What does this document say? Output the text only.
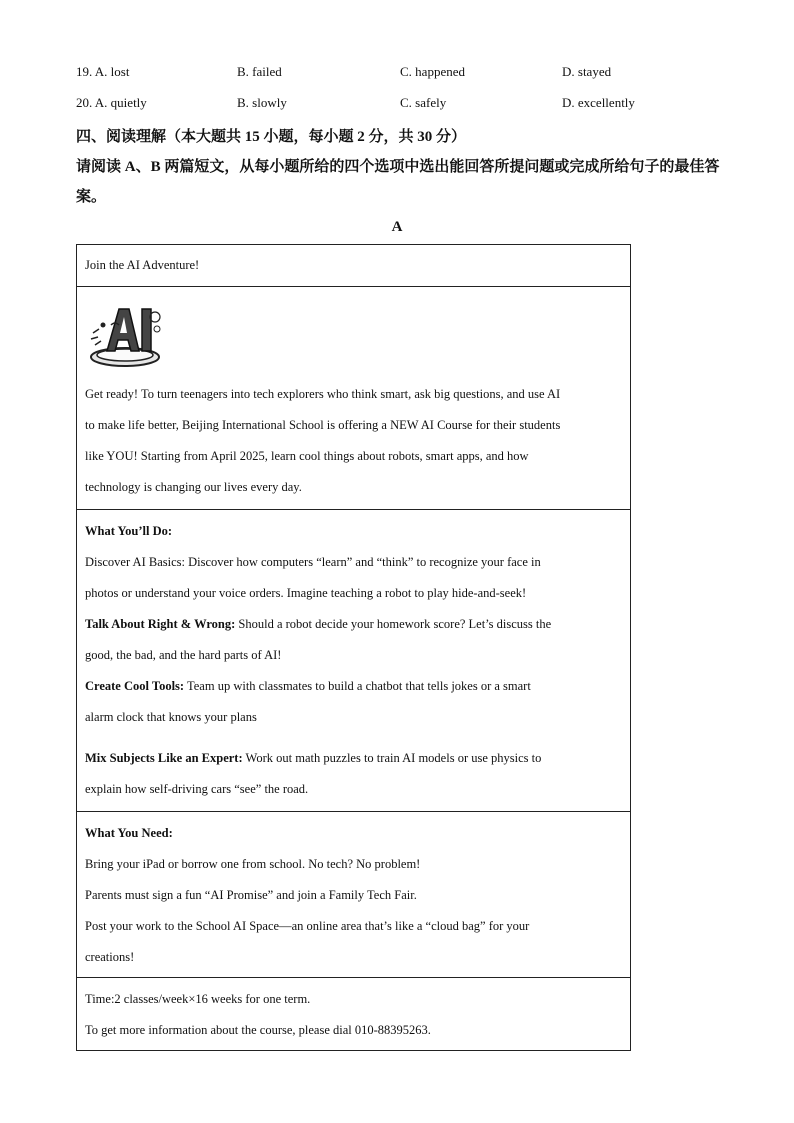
19. A. lost	B. failed	C. happened	D. stayed
20. A. quietly	B. slowly	C. safely	D. excellently
四、阅读理解（本大题共 15 小题，每小题 2 分，共 30 分）
请阅读 A、B 两篇短文，从每小题所给的四个选项中选出能回答所提问题或完成所给句子的最佳答案。
A
Join the AI Adventure!

Get ready! To turn teenagers into tech explorers who think smart, ask big questions, and use AI
to make life better, Beijing International School is offering a NEW AI Course for their students
like YOU! Starting from April 2025, learn cool things about robots, smart apps, and how
technology is changing our lives every day.

What You’ll Do:
Discover AI Basics: Discover how computers “learn” and “think” to recognize your face in
photos or understand your voice orders. Imagine teaching a robot to play hide-and-seek!
Talk About Right & Wrong: Should a robot decide your homework score? Let’s discuss the
good, the bad, and the hard parts of AI!
Create Cool Tools: Team up with classmates to build a chatbot that tells jokes or a smart
alarm clock that knows your plans
Mix Subjects Like an Expert: Work out math puzzles to train AI models or use physics to
explain how self-driving cars “see” the road.

What You Need:
Bring your iPad or borrow one from school. No tech? No problem!
Parents must sign a fun “AI Promise” and join a Family Tech Fair.
Post your work to the School AI Space—an online area that’s like a “cloud bag” for your
creations!

Time:2 classes/week×16 weeks for one term.
To get more information about the course, please dial 010-88395263.
